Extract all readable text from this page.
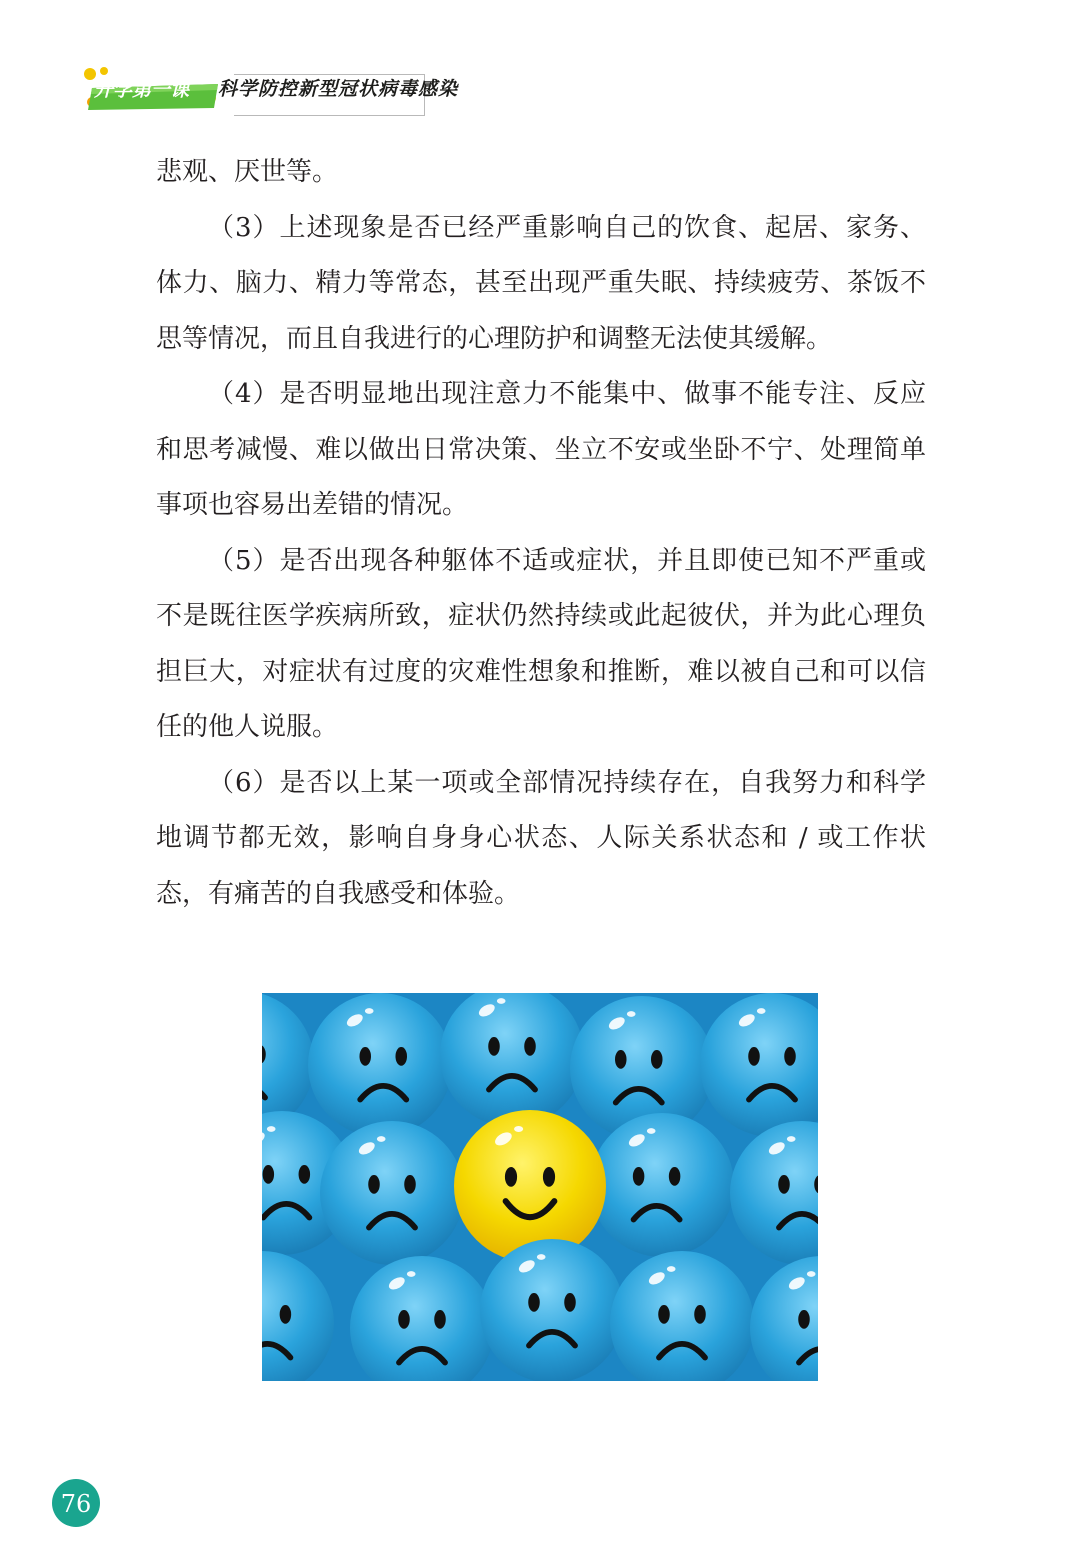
开学第一课 科学防控新型冠状病毒感染

悲观、厌世等。

（3）上述现象是否已经严重影响自己的饮食、起居、家务、体力、脑力、精力等常态，甚至出现严重失眠、持续疲劳、茶饭不思等情况，而且自我进行的心理防护和调整无法使其缓解。

（4）是否明显地出现注意力不能集中、做事不能专注、反应和思考减慢、难以做出日常决策、坐立不安或坐卧不宁、处理简单事项也容易出差错的情况。

（5）是否出现各种躯体不适或症状，并且即使已知不严重或不是既往医学疾病所致，症状仍然持续或此起彼伏，并为此心理负担巨大，对症状有过度的灾难性想象和推断，难以被自己和可以信任的他人说服。

（6）是否以上某一项或全部情况持续存在，自我努力和科学地调节都无效，影响自身身心状态、人际关系状态和 / 或工作状态，有痛苦的自我感受和体验。

76
